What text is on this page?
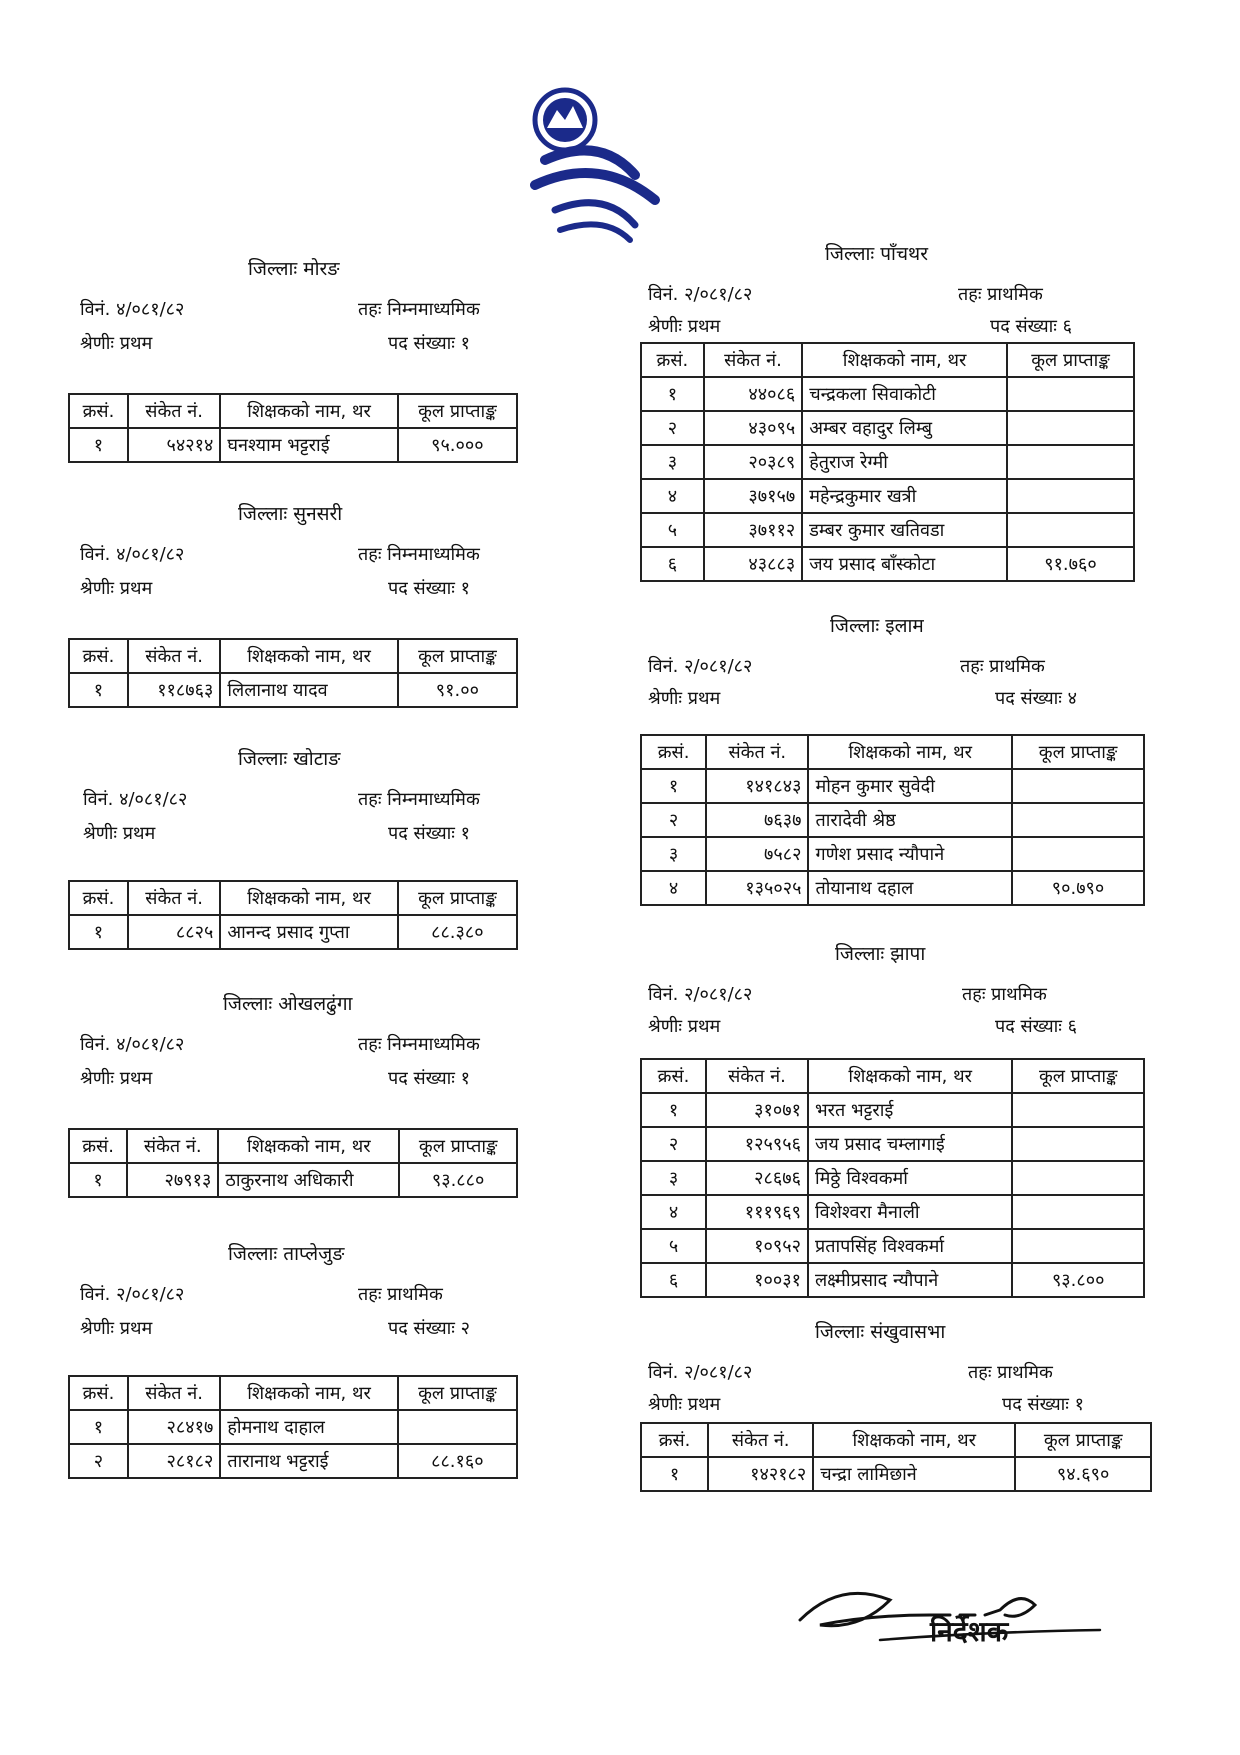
जिल्लाः मोरङ
विनं. ४/०८१/८२	तहः निम्नमाध्यमिक
श्रेणीः प्रथम	पद संख्याः १
क्रसं.	संकेत नं.	शिक्षकको नाम, थर	कूल प्राप्ताङ्क
१	५४२१४	घनश्याम भट्टराई	९५.०००
जिल्लाः सुनसरी
विनं. ४/०८१/८२	तहः निम्नमाध्यमिक
श्रेणीः प्रथम	पद संख्याः १
क्रसं.	संकेत नं.	शिक्षकको नाम, थर	कूल प्राप्ताङ्क
१	११८७६३	लिलानाथ यादव	९१.००
जिल्लाः खोटाङ
विनं. ४/०८१/८२	तहः निम्नमाध्यमिक
श्रेणीः प्रथम	पद संख्याः १
क्रसं.	संकेत नं.	शिक्षकको नाम, थर	कूल प्राप्ताङ्क
१	८८२५	आनन्द प्रसाद गुप्ता	८८.३८०
जिल्लाः ओखलढुंगा
विनं. ४/०८१/८२	तहः निम्नमाध्यमिक
श्रेणीः प्रथम	पद संख्याः १
क्रसं.	संकेत नं.	शिक्षकको नाम, थर	कूल प्राप्ताङ्क
१	२७९१३	ठाकुरनाथ अधिकारी	९३.८८०
जिल्लाः ताप्लेजुङ
विनं. २/०८१/८२	तहः प्राथमिक
श्रेणीः प्रथम	पद संख्याः २
क्रसं.	संकेत नं.	शिक्षकको नाम, थर	कूल प्राप्ताङ्क
१	२८४१७	होमनाथ दाहाल	
२	२८१८२	तारानाथ भट्टराई	८८.१६०
जिल्लाः पाँचथर
विनं. २/०८१/८२	तहः प्राथमिक
श्रेणीः प्रथम	पद संख्याः ६
क्रसं.	संकेत नं.	शिक्षकको नाम, थर	कूल प्राप्ताङ्क
१	४४०८६	चन्द्रकला सिवाकोटी	
२	४३०९५	अम्बर वहादुर लिम्बु	
३	२०३८९	हेतुराज रेग्मी	
४	३७१५७	महेन्द्रकुमार खत्री	
५	३७११२	डम्बर कुमार खतिवडा	
६	४३८८३	जय प्रसाद बाँस्कोटा	९१.७६०
जिल्लाः इलाम
विनं. २/०८१/८२	तहः प्राथमिक
श्रेणीः प्रथम	पद संख्याः ४
क्रसं.	संकेत नं.	शिक्षकको नाम, थर	कूल प्राप्ताङ्क
१	१४१८४३	मोहन कुमार सुवेदी	
२	७६३७	तारादेवी श्रेष्ठ	
३	७५८२	गणेश प्रसाद न्यौपाने	
४	१३५०२५	तोयानाथ दहाल	९०.७९०
जिल्लाः झापा
विनं. २/०८१/८२	तहः प्राथमिक
श्रेणीः प्रथम	पद संख्याः ६
क्रसं.	संकेत नं.	शिक्षकको नाम, थर	कूल प्राप्ताङ्क
१	३१०७१	भरत भट्टराई	
२	१२५९५६	जय प्रसाद चम्लागाई	
३	२८६७६	मिठ्ठे विश्वकर्मा	
४	१११९६९	विशेश्वरा मैनाली	
५	१०९५२	प्रतापसिंह विश्वकर्मा	
६	१००३१	लक्ष्मीप्रसाद न्यौपाने	९३.८००
जिल्लाः संखुवासभा
विनं. २/०८१/८२	तहः प्राथमिक
श्रेणीः प्रथम	पद संख्याः १
क्रसं.	संकेत नं.	शिक्षकको नाम, थर	कूल प्राप्ताङ्क
१	१४२१८२	चन्द्रा लामिछाने	९४.६९०
निर्देशक
